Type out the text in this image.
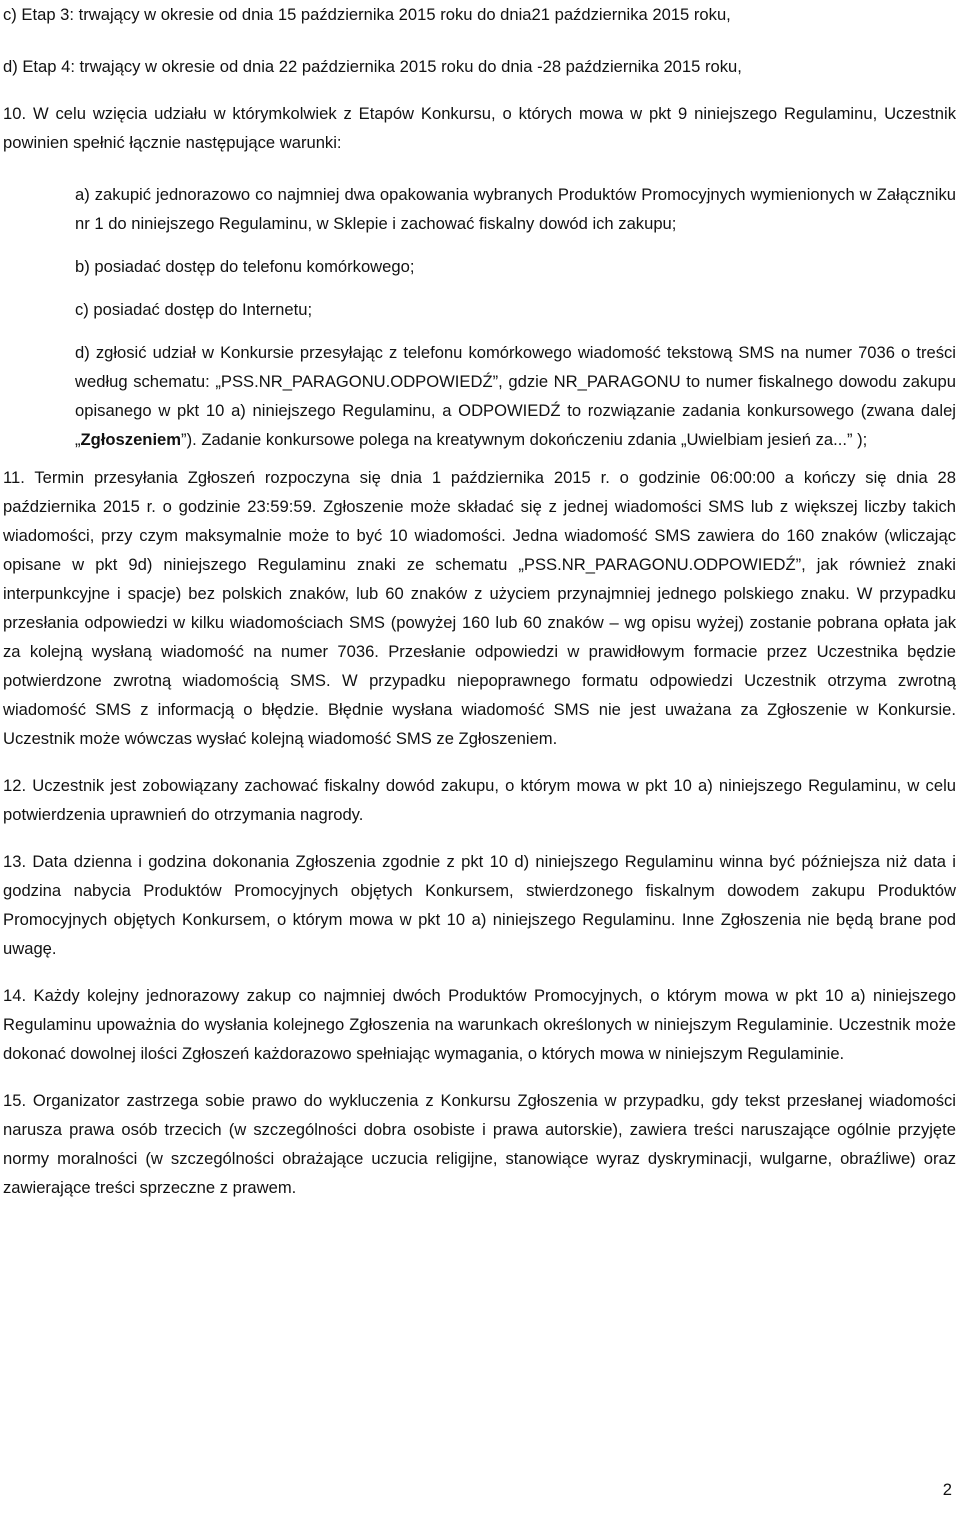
c) Etap 3: trwający w okresie od dnia 15 października 2015 roku do dnia21 października 2015 roku,

d) Etap 4: trwający w okresie od dnia 22 października 2015 roku do dnia -28 października 2015 roku,

10. W celu wzięcia udziału w którymkolwiek z Etapów Konkursu, o których mowa w pkt 9 niniejszego Regulaminu, Uczestnik powinien spełnić łącznie następujące warunki:

a) zakupić jednorazowo co najmniej dwa opakowania wybranych Produktów Promocyjnych wymienionych w Załączniku nr 1 do niniejszego Regulaminu, w Sklepie i zachować fiskalny dowód ich zakupu;

b) posiadać dostęp do telefonu komórkowego;

c) posiadać dostęp do Internetu;

d) zgłosić udział w Konkursie przesyłając z telefonu komórkowego wiadomość tekstową SMS na numer 7036 o treści według schematu: „PSS.NR_PARAGONU.ODPOWIEDŹ”, gdzie NR_PARAGONU to numer fiskalnego dowodu zakupu opisanego w pkt 10 a) niniejszego Regulaminu, a ODPOWIEDŹ to rozwiązanie zadania konkursowego (zwana dalej „Zgłoszeniem”). Zadanie konkursowe polega na kreatywnym dokończeniu zdania „Uwielbiam jesień za...” );

11. Termin przesyłania Zgłoszeń rozpoczyna się dnia 1 października 2015 r. o godzinie 06:00:00 a kończy się dnia 28 października 2015 r. o godzinie 23:59:59. Zgłoszenie może składać się z jednej wiadomości SMS lub z większej liczby takich wiadomości, przy czym maksymalnie może to być 10 wiadomości. Jedna wiadomość SMS zawiera do 160 znaków (wliczając opisane w pkt 9d) niniejszego Regulaminu znaki ze schematu „PSS.NR_PARAGONU.ODPOWIEDŹ”, jak również znaki interpunkcyjne i spacje) bez polskich znaków, lub 60 znaków z użyciem przynajmniej jednego polskiego znaku. W przypadku przesłania odpowiedzi w kilku wiadomościach SMS (powyżej 160 lub 60 znaków – wg opisu wyżej) zostanie pobrana opłata jak za kolejną wysłaną wiadomość na numer 7036. Przesłanie odpowiedzi w prawidłowym formacie przez Uczestnika będzie potwierdzone zwrotną wiadomością SMS. W przypadku niepoprawnego formatu odpowiedzi Uczestnik otrzyma zwrotną wiadomość SMS z informacją o błędzie. Błędnie wysłana wiadomość SMS nie jest uważana za Zgłoszenie w Konkursie. Uczestnik może wówczas wysłać kolejną wiadomość SMS ze Zgłoszeniem.

12. Uczestnik jest zobowiązany zachować fiskalny dowód zakupu, o którym mowa w pkt 10 a) niniejszego Regulaminu, w celu potwierdzenia uprawnień do otrzymania nagrody.

13. Data dzienna i godzina dokonania Zgłoszenia zgodnie z pkt 10 d) niniejszego Regulaminu winna być późniejsza niż data i godzina nabycia Produktów Promocyjnych objętych Konkursem, stwierdzonego fiskalnym dowodem zakupu Produktów Promocyjnych objętych Konkursem, o którym mowa w pkt 10 a) niniejszego Regulaminu. Inne Zgłoszenia nie będą brane pod uwagę.

14. Każdy kolejny jednorazowy zakup co najmniej dwóch Produktów Promocyjnych, o którym mowa w pkt 10 a) niniejszego Regulaminu upoważnia do wysłania kolejnego Zgłoszenia na warunkach określonych w niniejszym Regulaminie. Uczestnik może dokonać dowolnej ilości Zgłoszeń każdorazowo spełniając wymagania, o których mowa w niniejszym Regulaminie.

15. Organizator zastrzega sobie prawo do wykluczenia z Konkursu Zgłoszenia w przypadku, gdy tekst przesłanej wiadomości narusza prawa osób trzecich (w szczególności dobra osobiste i prawa autorskie), zawiera treści naruszające ogólnie przyjęte normy moralności (w szczególności obrażające uczucia religijne, stanowiące wyraz dyskryminacji, wulgarne, obraźliwe) oraz zawierające treści sprzeczne z prawem.

2
